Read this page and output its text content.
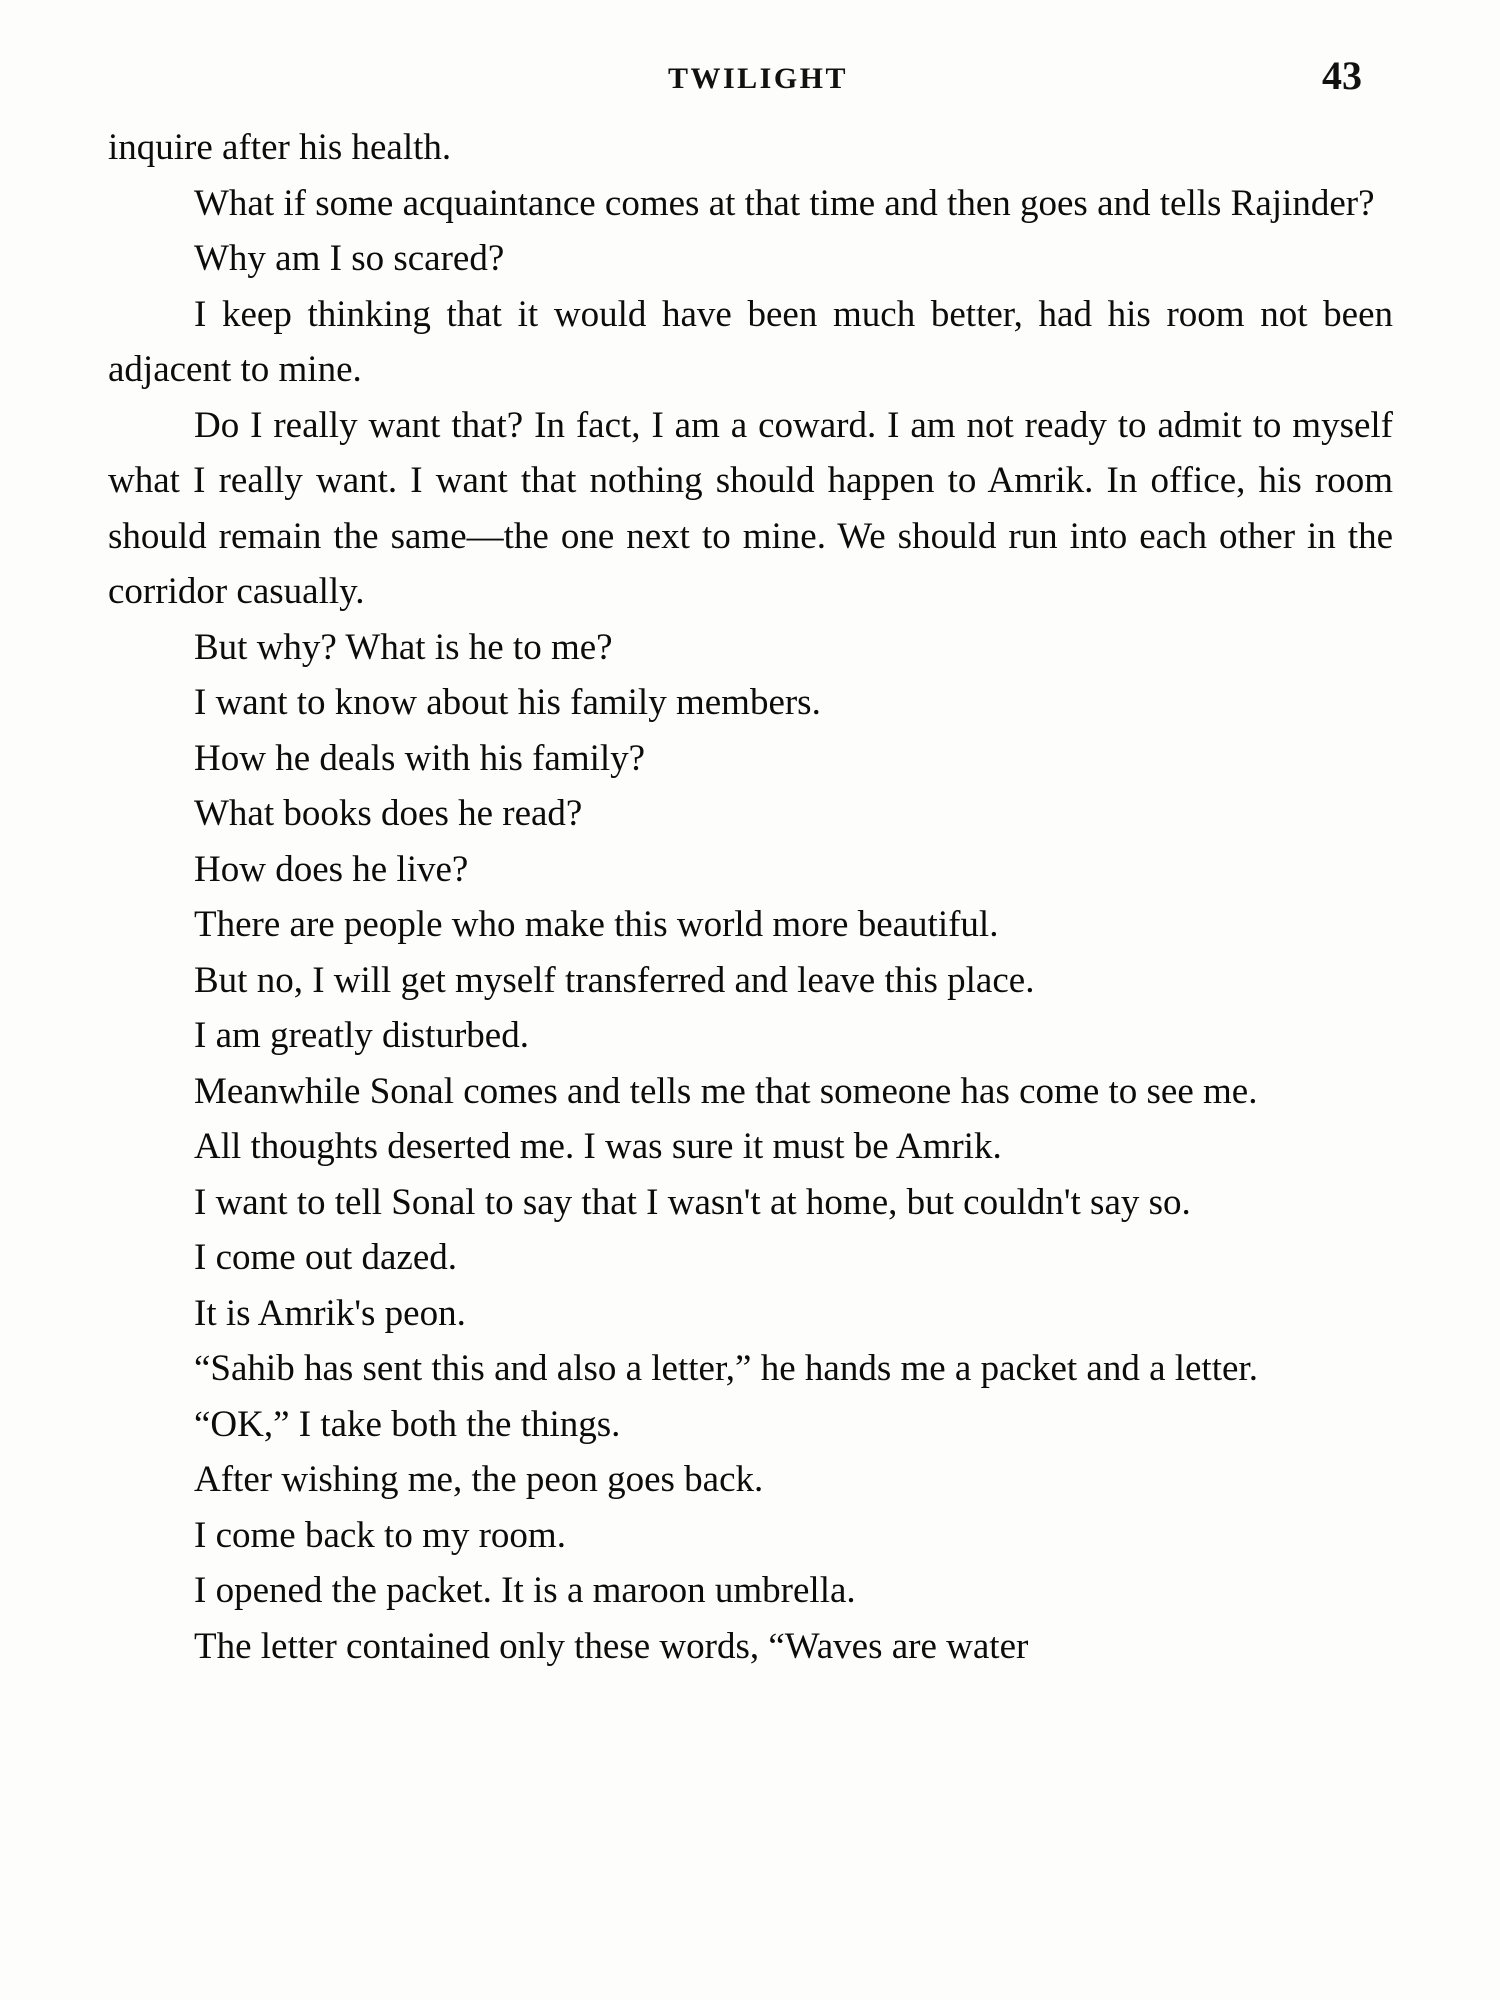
TWILIGHT	43

inquire after his health.

What if some acquaintance comes at that time and then goes and tells Rajinder?

Why am I so scared?

I keep thinking that it would have been much better, had his room not been adjacent to mine.

Do I really want that? In fact, I am a coward. I am not ready to admit to myself what I really want. I want that nothing should happen to Amrik. In office, his room should remain the same—the one next to mine. We should run into each other in the corridor casually.

But why? What is he to me?

I want to know about his family members.

How he deals with his family?

What books does he read?

How does he live?

There are people who make this world more beautiful.

But no, I will get myself transferred and leave this place.

I am greatly disturbed.

Meanwhile Sonal comes and tells me that someone has come to see me.

All thoughts deserted me. I was sure it must be Amrik.

I want to tell Sonal to say that I wasn't at home, but couldn't say so.

I come out dazed.

It is Amrik's peon.

“Sahib has sent this and also a letter,” he hands me a packet and a letter.

“OK,” I take both the things.

After wishing me, the peon goes back.

I come back to my room.

I opened the packet. It is a maroon umbrella.

The letter contained only these words, “Waves are water
